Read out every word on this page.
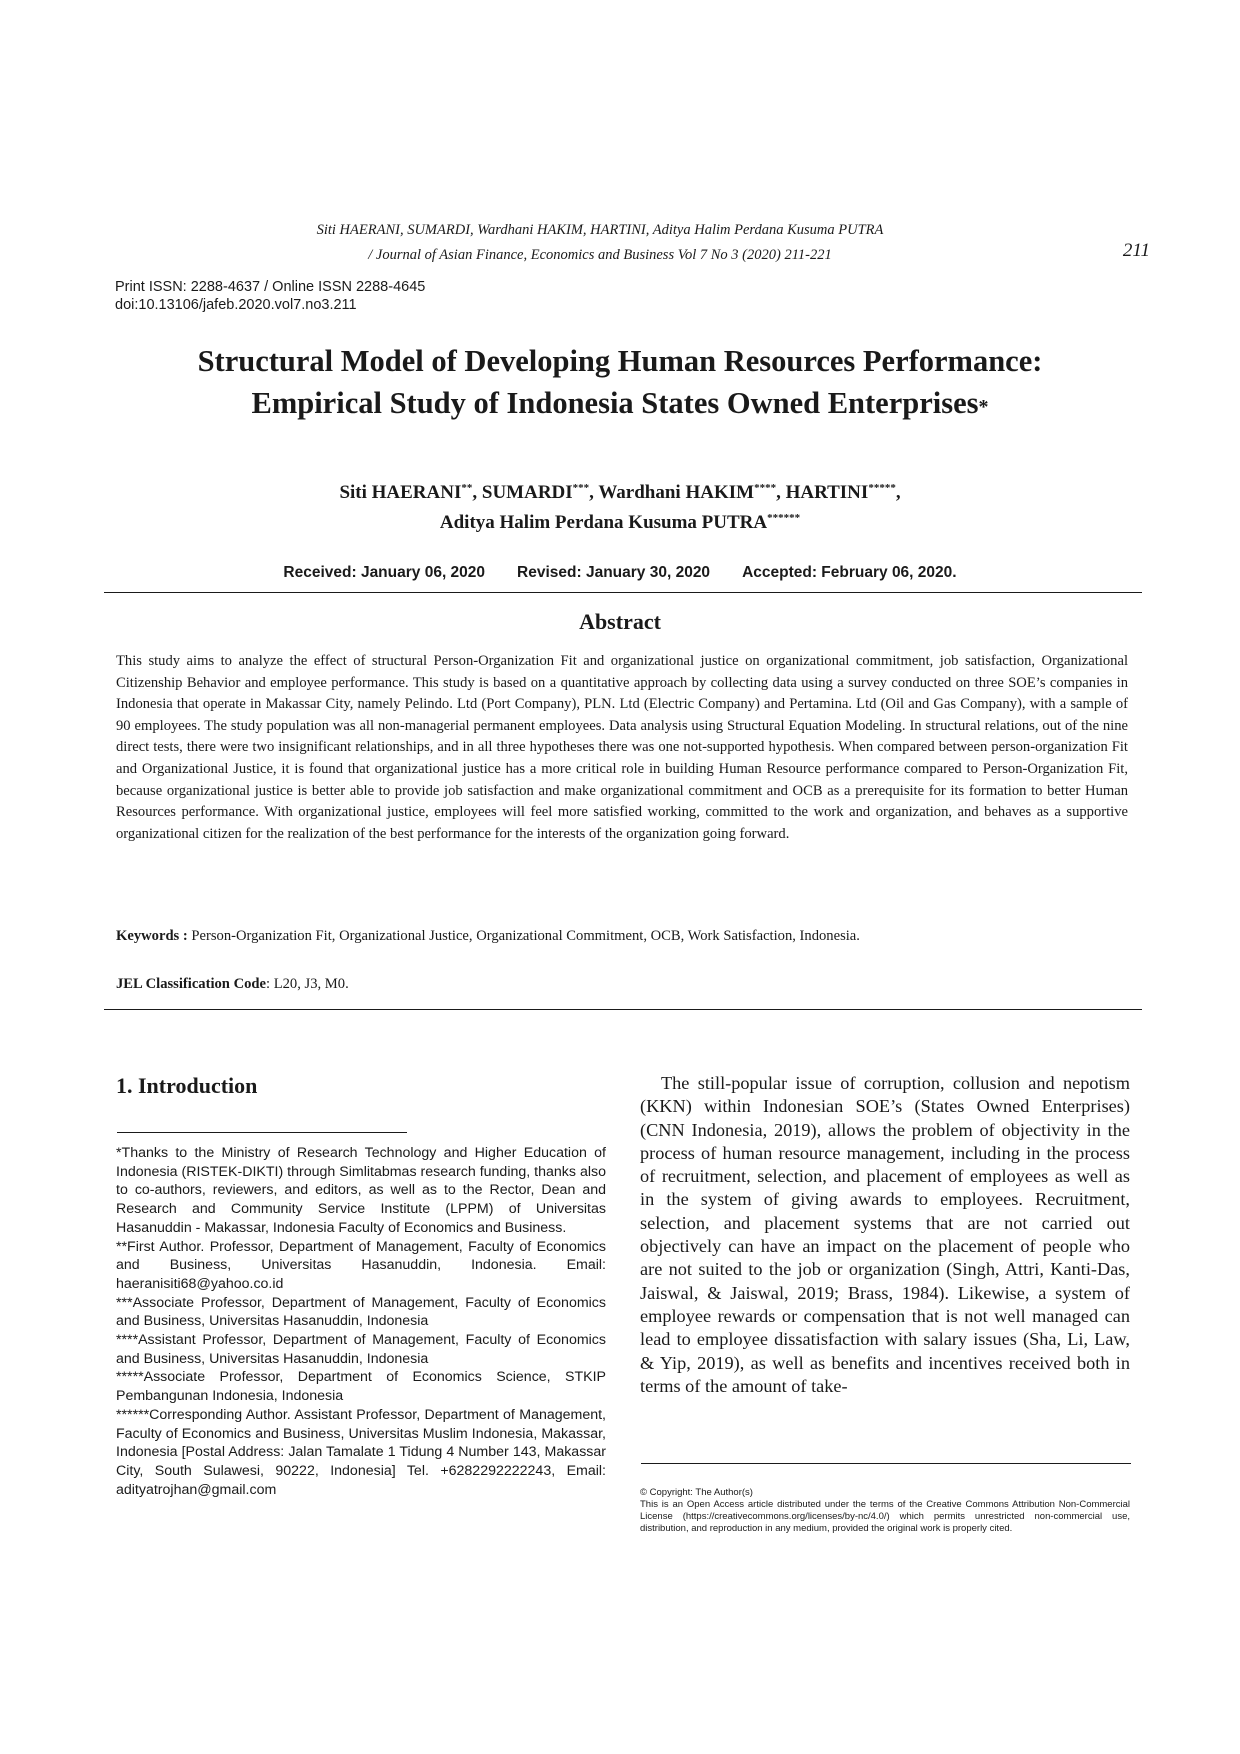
Siti HAERANI, SUMARDI, Wardhani HAKIM, HARTINI, Aditya Halim Perdana Kusuma PUTRA
/ Journal of Asian Finance, Economics and Business Vol 7 No 3 (2020) 211-221	211
Print ISSN: 2288-4637 / Online ISSN 2288-4645
doi:10.13106/jafeb.2020.vol7.no3.211
Structural Model of Developing Human Resources Performance:
Empirical Study of Indonesia States Owned Enterprises*
Siti HAERANI**, SUMARDI***, Wardhani HAKIM****, HARTINI*****,
Aditya Halim Perdana Kusuma PUTRA******
Received: January 06, 2020 Revised: January 30, 2020 Accepted: February 06, 2020.
Abstract
This study aims to analyze the effect of structural Person-Organization Fit and organizational justice on organizational commitment, job satisfaction, Organizational Citizenship Behavior and employee performance. This study is based on a quantitative approach by collecting data using a survey conducted on three SOE’s companies in Indonesia that operate in Makassar City, namely Pelindo. Ltd (Port Company), PLN. Ltd (Electric Company) and Pertamina. Ltd (Oil and Gas Company), with a sample of 90 employees. The study population was all non-managerial permanent employees. Data analysis using Structural Equation Modeling. In structural relations, out of the nine direct tests, there were two insignificant relationships, and in all three hypotheses there was one not-supported hypothesis. When compared between person-organization Fit and Organizational Justice, it is found that organizational justice has a more critical role in building Human Resource performance compared to Person-Organization Fit, because organizational justice is better able to provide job satisfaction and make organizational commitment and OCB as a prerequisite for its formation to better Human Resources performance. With organizational justice, employees will feel more satisfied working, committed to the work and organization, and behaves as a supportive organizational citizen for the realization of the best performance for the interests of the organization going forward.
Keywords : Person-Organization Fit, Organizational Justice, Organizational Commitment, OCB, Work Satisfaction, Indonesia.
JEL Classification Code: L20, J3, M0.
1. Introduction
*Thanks to the Ministry of Research Technology and Higher Education of Indonesia (RISTEK-DIKTI) through Simlitabmas research funding, thanks also to co-authors, reviewers, and editors, as well as to the Rector, Dean and Research and Community Service Institute (LPPM) of Universitas Hasanuddin - Makassar, Indonesia Faculty of Economics and Business.
**First Author. Professor, Department of Management, Faculty of Economics and Business, Universitas Hasanuddin, Indonesia. Email: haeranisiti68@yahoo.co.id
***Associate Professor, Department of Management, Faculty of Economics and Business, Universitas Hasanuddin, Indonesia
****Assistant Professor, Department of Management, Faculty of Economics and Business, Universitas Hasanuddin, Indonesia
*****Associate Professor, Department of Economics Science, STKIP Pembangunan Indonesia, Indonesia
******Corresponding Author. Assistant Professor, Department of Management, Faculty of Economics and Business, Universitas Muslim Indonesia, Makassar, Indonesia [Postal Address: Jalan Tamalate 1 Tidung 4 Number 143, Makassar City, South Sulawesi, 90222, Indonesia] Tel. +6282292222243, Email: adityatrojhan@gmail.com
The still-popular issue of corruption, collusion and nepotism (KKN) within Indonesian SOE’s (States Owned Enterprises) (CNN Indonesia, 2019), allows the problem of objectivity in the process of human resource management, including in the process of recruitment, selection, and placement of employees as well as in the system of giving awards to employees. Recruitment, selection, and placement systems that are not carried out objectively can have an impact on the placement of people who are not suited to the job or organization (Singh, Attri, Kanti-Das, Jaiswal, & Jaiswal, 2019; Brass, 1984). Likewise, a system of employee rewards or compensation that is not well managed can lead to employee dissatisfaction with salary issues (Sha, Li, Law, & Yip, 2019), as well as benefits and incentives received both in terms of the amount of take-
© Copyright: The Author(s)
This is an Open Access article distributed under the terms of the Creative Commons Attribution Non-Commercial License (https://creativecommons.org/licenses/by-nc/4.0/) which permits unrestricted non-commercial use, distribution, and reproduction in any medium, provided the original work is properly cited.
